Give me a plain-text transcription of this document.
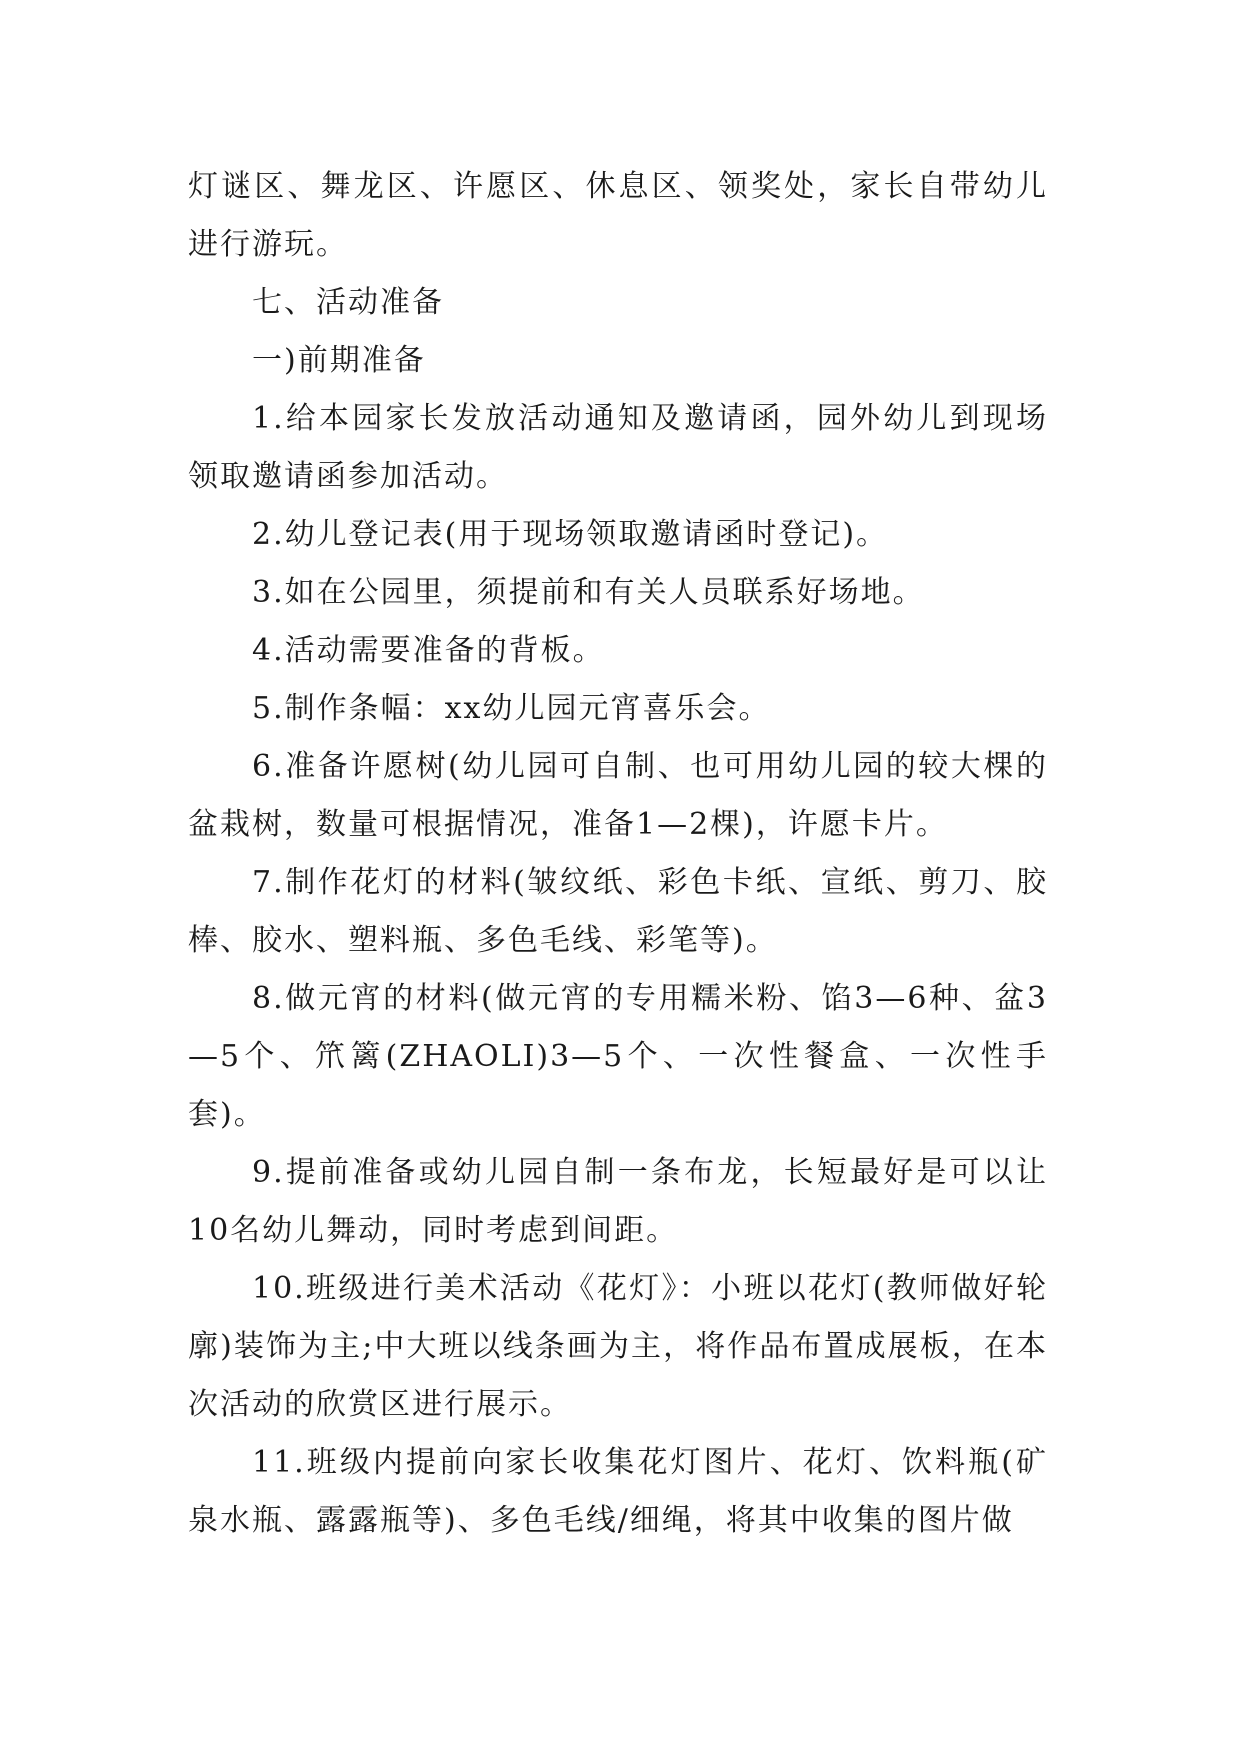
灯谜区、舞龙区、许愿区、休息区、领奖处，家长自带幼儿进行游玩。

七、活动准备

一)前期准备

1.给本园家长发放活动通知及邀请函，园外幼儿到现场领取邀请函参加活动。

2.幼儿登记表(用于现场领取邀请函时登记)。

3.如在公园里，须提前和有关人员联系好场地。

4.活动需要准备的背板。

5.制作条幅：xx幼儿园元宵喜乐会。

6.准备许愿树(幼儿园可自制、也可用幼儿园的较大棵的盆栽树，数量可根据情况，准备1—2棵)，许愿卡片。

7.制作花灯的材料(皱纹纸、彩色卡纸、宣纸、剪刀、胶棒、胶水、塑料瓶、多色毛线、彩笔等)。

8.做元宵的材料(做元宵的专用糯米粉、馅3—6种、盆3—5个、笊篱(ZHAOLI)3—5个、一次性餐盒、一次性手套)。

9.提前准备或幼儿园自制一条布龙，长短最好是可以让10名幼儿舞动，同时考虑到间距。

10.班级进行美术活动《花灯》：小班以花灯(教师做好轮廓)装饰为主;中大班以线条画为主，将作品布置成展板，在本次活动的欣赏区进行展示。

11.班级内提前向家长收集花灯图片、花灯、饮料瓶(矿泉水瓶、露露瓶等)、多色毛线/细绳，将其中收集的图片做
